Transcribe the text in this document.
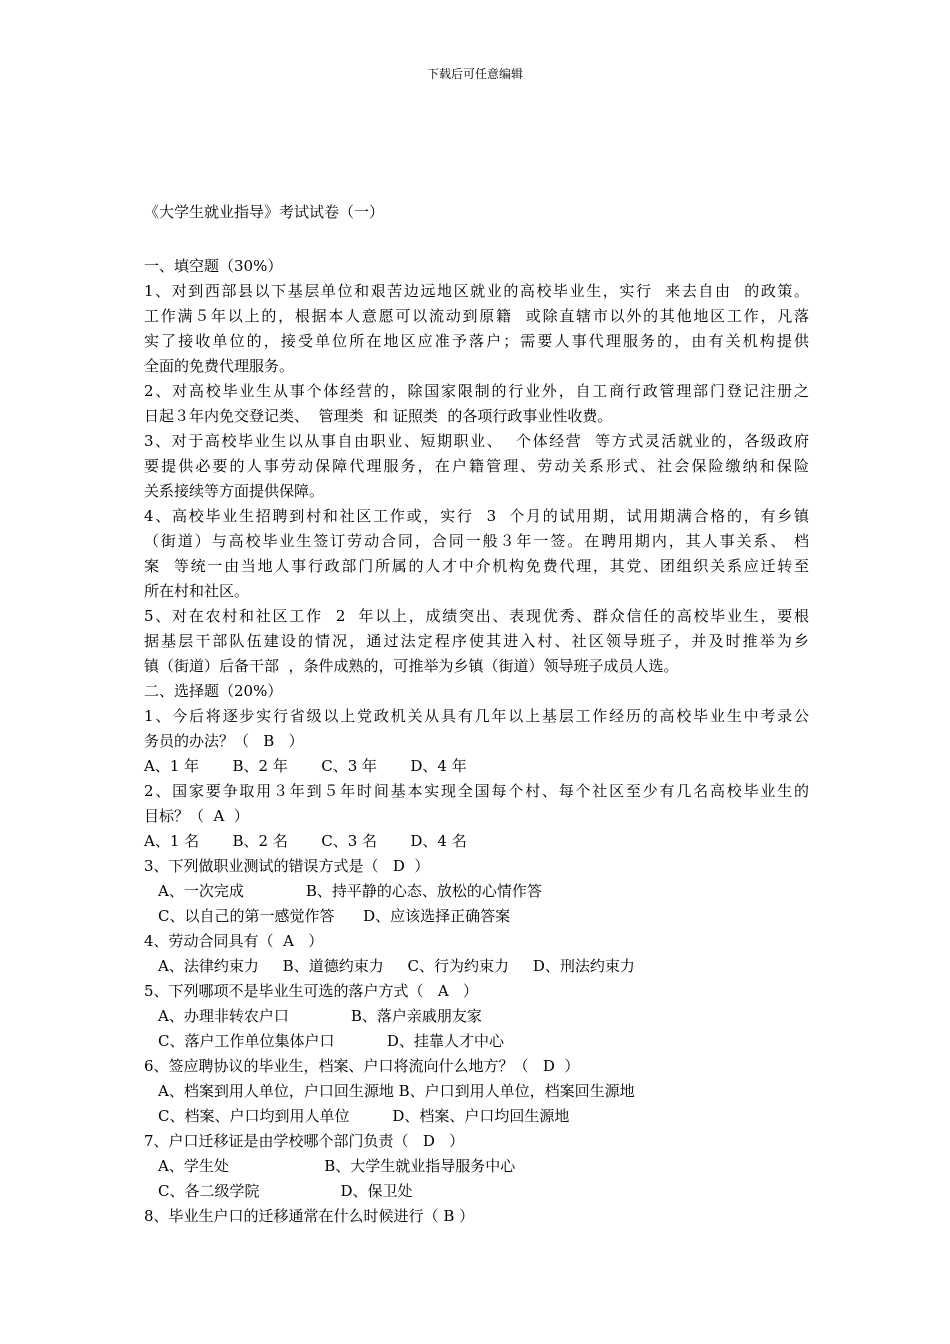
下载后可任意编辑
《大学生就业指导》考试试卷（一）
一、填空题（30%）
1、对到西部县以下基层单位和艰苦边远地区就业的高校毕业生，实行  来去自由  的政策。
工作满５年以上的，根据本人意愿可以流动到原籍  或除直辖市以外的其他地区工作，凡落
实了接收单位的，接受单位所在地区应准予落户；需要人事代理服务的，由有关机构提供
全面的免费代理服务。
2、对高校毕业生从事个体经营的，除国家限制的行业外，自工商行政管理部门登记注册之
日起３年内免交登记类、  管理类  和 证照类  的各项行政事业性收费。
3、对于高校毕业生以从事自由职业、短期职业、  个体经营  等方式灵活就业的，各级政府
要提供必要的人事劳动保障代理服务，在户籍管理、劳动关系形式、社会保险缴纳和保险
关系接续等方面提供保障。
4、高校毕业生招聘到村和社区工作或，实行  3  个月的试用期，试用期满合格的，有乡镇
（街道）与高校毕业生签订劳动合同，合同一般３年一签。在聘用期内，其人事关系、 档
案  等统一由当地人事行政部门所属的人才中介机构免费代理，其党、团组织关系应迁转至
所在村和社区。
5、对在农村和社区工作  2  年以上，成绩突出、表现优秀、群众信任的高校毕业生，要根
据基层干部队伍建设的情况，通过法定程序使其进入村、社区领导班子，并及时推举为乡
镇（街道）后备干部  ，条件成熟的，可推举为乡镇（街道）领导班子成员人选。
二、选择题（20%）
1、今后将逐步实行省级以上党政机关从具有几年以上基层工作经历的高校毕业生中考录公
务员的办法？（   B   ）
A、1 年       B、2 年       C、3 年       D、4 年
2、国家要争取用３年到５年时间基本实现全国每个村、每个社区至少有几名高校毕业生的
目标？（  A  ）
A、1 名       B、2 名       C、3 名       D、4 名
3、下列做职业测试的错误方式是（   D  ）
A、一次完成             B、持平静的心态、放松的心情作答
C、以自己的第一感觉作答      D、应该选择正确答案
4、劳动合同具有（  A   ）
A、法律约束力     B、道德约束力     C、行为约束力     D、刑法约束力
5、下列哪项不是毕业生可选的落户方式（   A   ）
A、办理非转农户口             B、落户亲戚朋友家
C、落户工作单位集体户口           D、挂靠人才中心
6、签应聘协议的毕业生，档案、户口将流向什么地方？（   D  ）
A、档案到用人单位，户口回生源地 B、户口到用人单位，档案回生源地
C、档案、户口均到用人单位         D、档案、户口均回生源地
7、户口迁移证是由学校哪个部门负责（   D   ）
A、学生处                    B、大学生就业指导服务中心
C、各二级学院                 D、保卫处
8、毕业生户口的迁移通常在什么时候进行（ B ）
